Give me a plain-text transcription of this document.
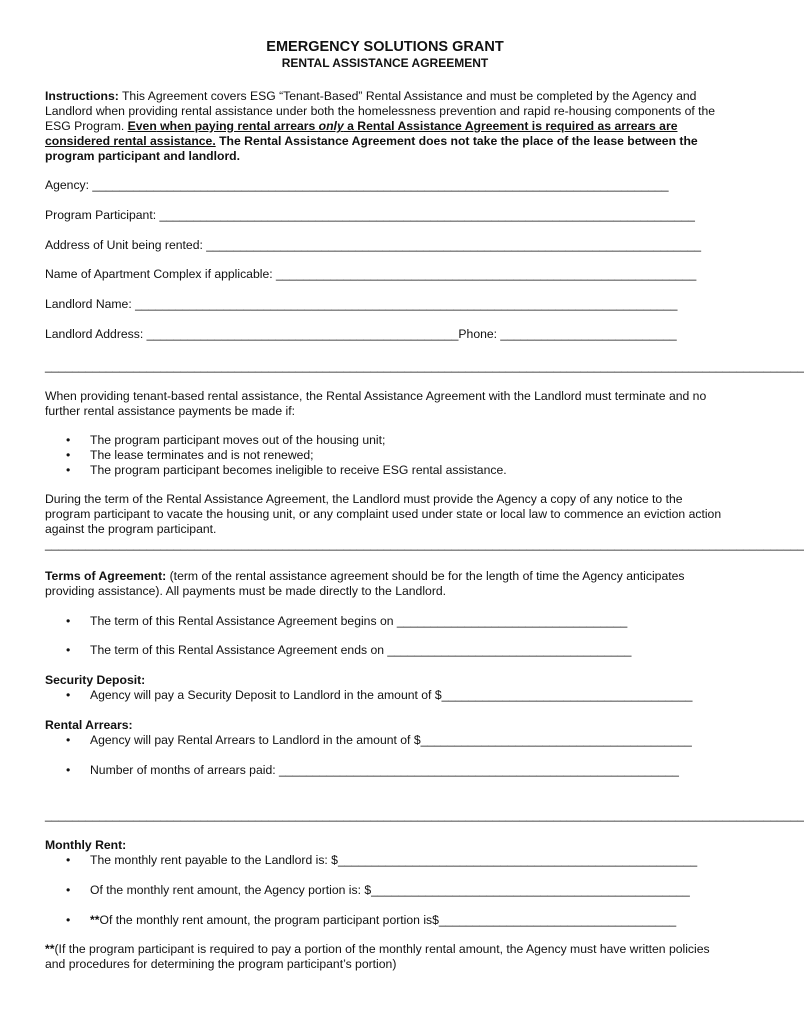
EMERGENCY SOLUTIONS GRANT
RENTAL ASSISTANCE AGREEMENT
Instructions: This Agreement covers ESG “Tenant-Based” Rental Assistance and must be completed by the Agency and Landlord when providing rental assistance under both the homelessness prevention and rapid re-housing components of the ESG Program. Even when paying rental arrears only a Rental Assistance Agreement is required as arrears are considered rental assistance. The Rental Assistance Agreement does not take the place of the lease between the program participant and landlord.
Agency: _____________________________________________________________________________________
Program Participant: _______________________________________________________________________________
Address of Unit being rented: _________________________________________________________________________
Name of Apartment Complex if applicable: ______________________________________________________________
Landlord Name: ________________________________________________________________________________
Landlord Address: ______________________________________________Phone: __________________________
________________________________________________________________________________________________________________
When providing tenant-based rental assistance, the Rental Assistance Agreement with the Landlord must terminate and no further rental assistance payments be made if:
• The program participant moves out of the housing unit;
• The lease terminates and is not renewed;
• The program participant becomes ineligible to receive ESG rental assistance.
During the term of the Rental Assistance Agreement, the Landlord must provide the Agency a copy of any notice to the program participant to vacate the housing unit, or any complaint used under state or local law to commence an eviction action against the program participant.
________________________________________________________________________________________________________________
Terms of Agreement: (term of the rental assistance agreement should be for the length of time the Agency anticipates providing assistance). All payments must be made directly to the Landlord.
• The term of this Rental Assistance Agreement begins on __________________________________
• The term of this Rental Assistance Agreement ends on ____________________________________
Security Deposit:
• Agency will pay a Security Deposit to Landlord in the amount of $_____________________________________
Rental Arrears:
• Agency will pay Rental Arrears to Landlord in the amount of $________________________________________
• Number of months of arrears paid: ___________________________________________________________
________________________________________________________________________________________________________________
Monthly Rent:
• The monthly rent payable to the Landlord is: $_____________________________________________________
• Of the monthly rent amount, the Agency portion is: $_______________________________________________
• **Of the monthly rent amount, the program participant portion is$___________________________________
**(If the program participant is required to pay a portion of the monthly rental amount, the Agency must have written policies and procedures for determining the program participant’s portion)
